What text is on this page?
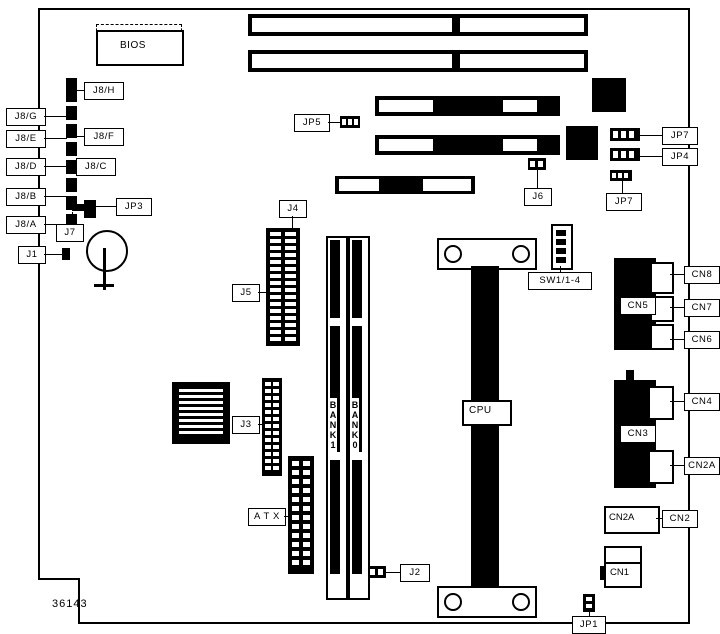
36143
PC2
PC1
AGP
BIOS
J8/H
J8/G
J8/F
J8/E
J8/D	J8/C
J8/B
J8/A
J7
J1
JP3
JP5
JP7
JP4
JP7
J6
SW1/1-4
CPU
BANK1 BANK0
J4
J5
J3
A T X
J2
JP1
CN5
CN8
CN7
CN6
CN3
CN4
CN2A
CN2A	CN2
CN1
